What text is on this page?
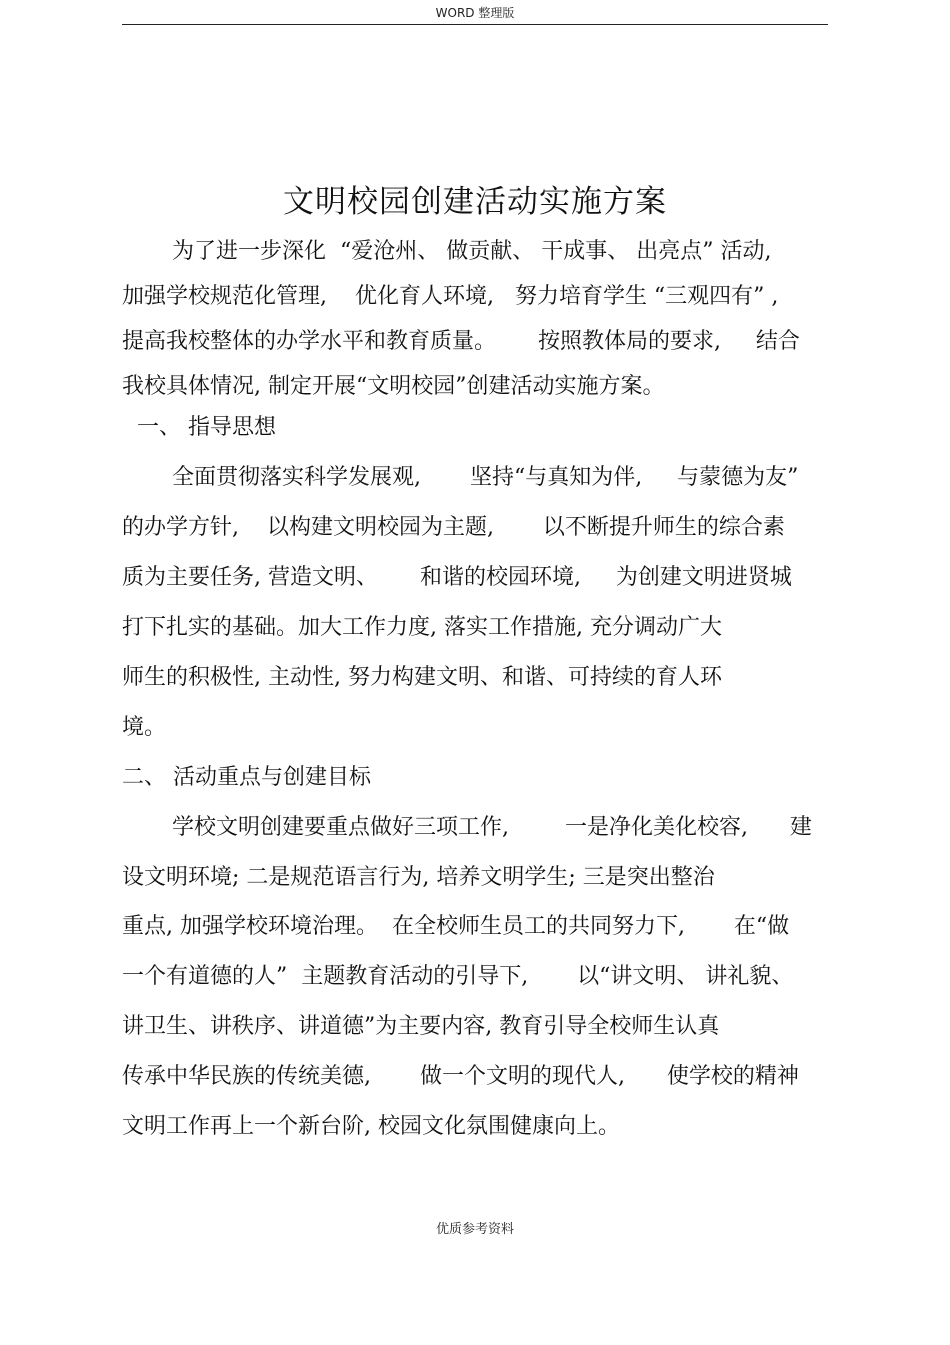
WORD 整理版
文明校园创建活动实施方案
为了进一步深化  “爱沧州、 做贡献、 干成事、 出亮点” 活动,
加强学校规范化管理,    优化育人环境,   努力培育学生 “三观四有” ,
提高我校整体的办学水平和教育质量。      按照教体局的要求,     结合
我校具体情况, 制定开展“文明校园”创建活动实施方案。
一、 指导思想
全面贯彻落实科学发展观,       坚持“与真知为伴,     与蒙德为友”
的办学方针,    以构建文明校园为主题,       以不断提升师生的综合素
质为主要任务, 营造文明、      和谐的校园环境,     为创建文明进贤城
打下扎实的基础。加大工作力度, 落实工作措施, 充分调动广大
师生的积极性, 主动性, 努力构建文明、和谐、可持续的育人环
境。
二、 活动重点与创建目标
学校文明创建要重点做好三项工作,        一是净化美化校容,      建
设文明环境; 二是规范语言行为, 培养文明学生; 三是突出整治
重点, 加强学校环境治理。  在全校师生员工的共同努力下,       在“做
一个有道德的人”  主题教育活动的引导下,       以“讲文明、 讲礼貌、
讲卫生、讲秩序、讲道德”为主要内容, 教育引导全校师生认真
传承中华民族的传统美德,       做一个文明的现代人,      使学校的精神
文明工作再上一个新台阶, 校园文化氛围健康向上。
优质参考资料
